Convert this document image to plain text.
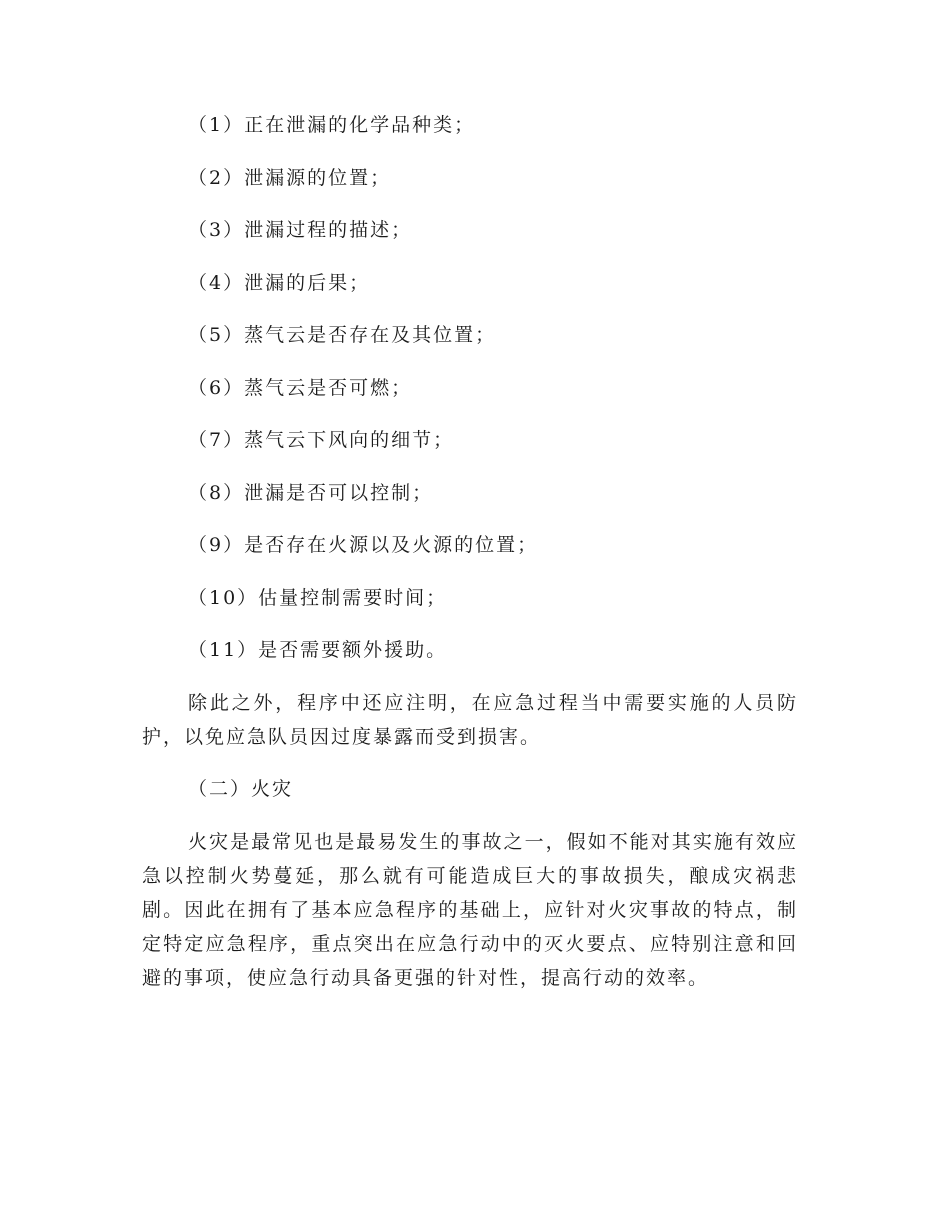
（1）正在泄漏的化学品种类；
（2）泄漏源的位置；
（3）泄漏过程的描述；
（4）泄漏的后果；
（5）蒸气云是否存在及其位置；
（6）蒸气云是否可燃；
（7）蒸气云下风向的细节；
（8）泄漏是否可以控制；
（9）是否存在火源以及火源的位置；
（10）估量控制需要时间；
（11）是否需要额外援助。

除此之外，程序中还应注明，在应急过程当中需要实施的人员防护，以免应急队员因过度暴露而受到损害。

（二）火灾

火灾是最常见也是最易发生的事故之一，假如不能对其实施有效应急以控制火势蔓延，那么就有可能造成巨大的事故损失，酿成灾祸悲剧。因此在拥有了基本应急程序的基础上，应针对火灾事故的特点，制定特定应急程序，重点突出在应急行动中的灭火要点、应特别注意和回避的事项，使应急行动具备更强的针对性，提高行动的效率。
